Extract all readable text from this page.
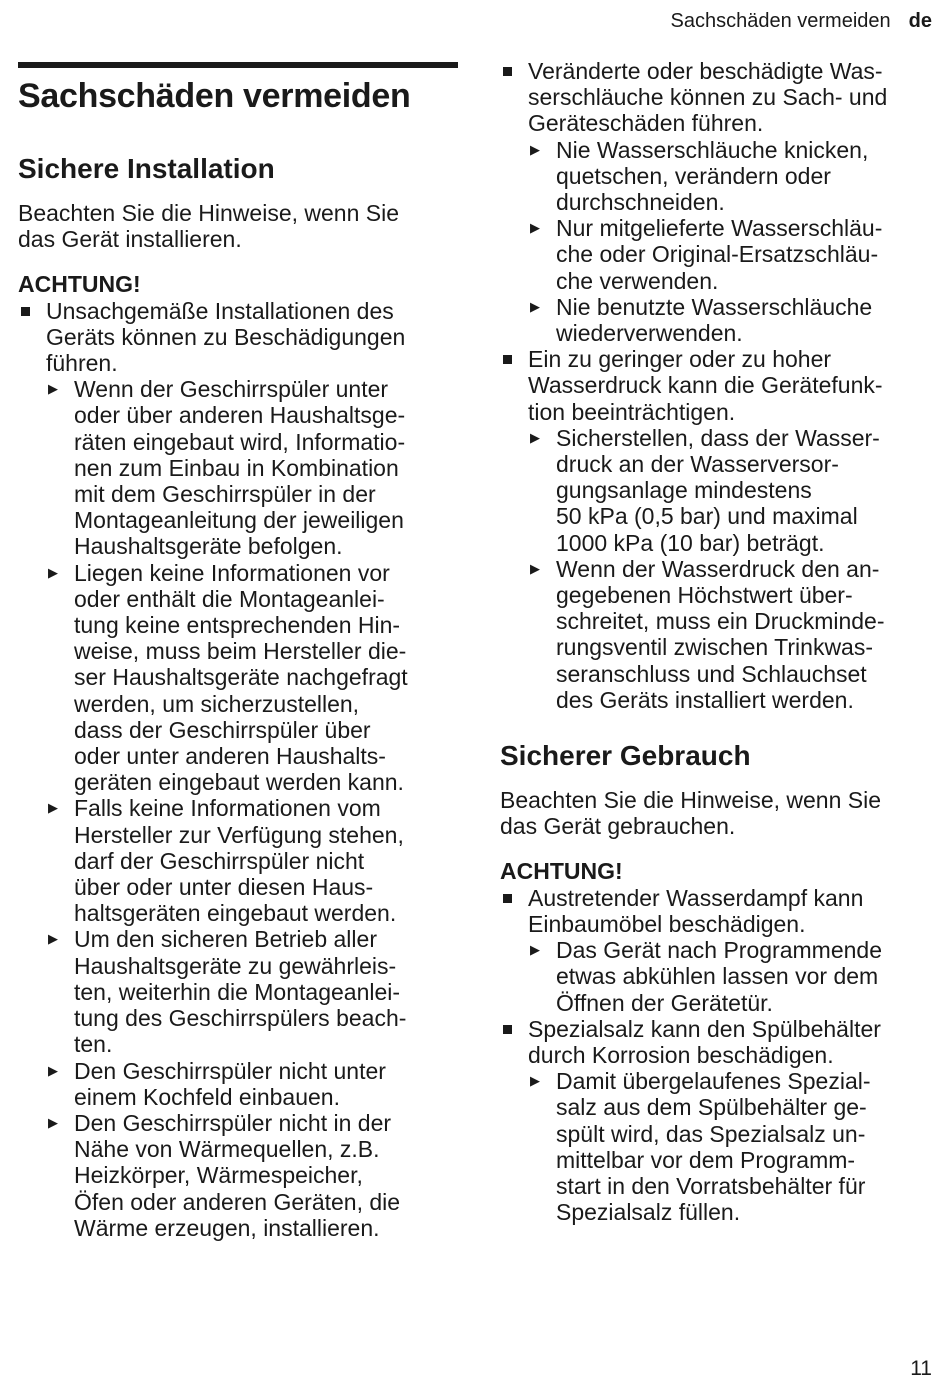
Sachschäden vermeiden de
Sachschäden vermeiden
Sichere Installation

Beachten Sie die Hinweise, wenn Sie
das Gerät installieren.

ACHTUNG!

Unsachgemäße Installationen des
Geräts können zu Beschädigungen
führen.
▶ Wenn der Geschirrspüler unter
oder über anderen Haushaltsge-
räten eingebaut wird, Informatio-
nen zum Einbau in Kombination
mit dem Geschirrspüler in der
Montageanleitung der jeweiligen
Haushaltsgeräte befolgen.
▶ Liegen keine Informationen vor
oder enthält die Montageanlei-
tung keine entsprechenden Hin-
weise, muss beim Hersteller die-
ser Haushaltsgeräte nachgefragt
werden, um sicherzustellen,
dass der Geschirrspüler über
oder unter anderen Haushalts-
geräten eingebaut werden kann.
▶ Falls keine Informationen vom
Hersteller zur Verfügung stehen,
darf der Geschirrspüler nicht
über oder unter diesen Haus-
haltsgeräten eingebaut werden.
▶ Um den sicheren Betrieb aller
Haushaltsgeräte zu gewährleis-
ten, weiterhin die Montageanlei-
tung des Geschirrspülers beach-
ten.
▶ Den Geschirrspüler nicht unter
einem Kochfeld einbauen.
▶ Den Geschirrspüler nicht in der
Nähe von Wärmequellen, z.B.
Heizkörper, Wärmespeicher,
Öfen oder anderen Geräten, die
Wärme erzeugen, installieren.
Veränderte oder beschädigte Was-
serschläuche können zu Sach- und
Geräteschäden führen.
▶ Nie Wasserschläuche knicken,
quetschen, verändern oder
durchschneiden.
▶ Nur mitgelieferte Wasserschläu-
che oder Original-Ersatzschläu-
che verwenden.
▶ Nie benutzte Wasserschläuche
wiederverwenden.
Ein zu geringer oder zu hoher
Wasserdruck kann die Gerätefunk-
tion beeinträchtigen.
▶ Sicherstellen, dass der Wasser-
druck an der Wasserversor-
gungsanlage mindestens
50 kPa (0,5 bar) und maximal
1000 kPa (10 bar) beträgt.
▶ Wenn der Wasserdruck den an-
gegebenen Höchstwert über-
schreitet, muss ein Druckminde-
rungsventil zwischen Trinkwas-
seranschluss und Schlauchset
des Geräts installiert werden.
Sicherer Gebrauch

Beachten Sie die Hinweise, wenn Sie
das Gerät gebrauchen.

ACHTUNG!

Austretender Wasserdampf kann
Einbaumöbel beschädigen.
▶ Das Gerät nach Programmende
etwas abkühlen lassen vor dem
Öffnen der Gerätetür.
Spezialsalz kann den Spülbehälter
durch Korrosion beschädigen.
▶ Damit übergelaufenes Spezial-
salz aus dem Spülbehälter ge-
spült wird, das Spezialsalz un-
mittelbar vor dem Programm-
start in den Vorratsbehälter für
Spezialsalz füllen.
11
